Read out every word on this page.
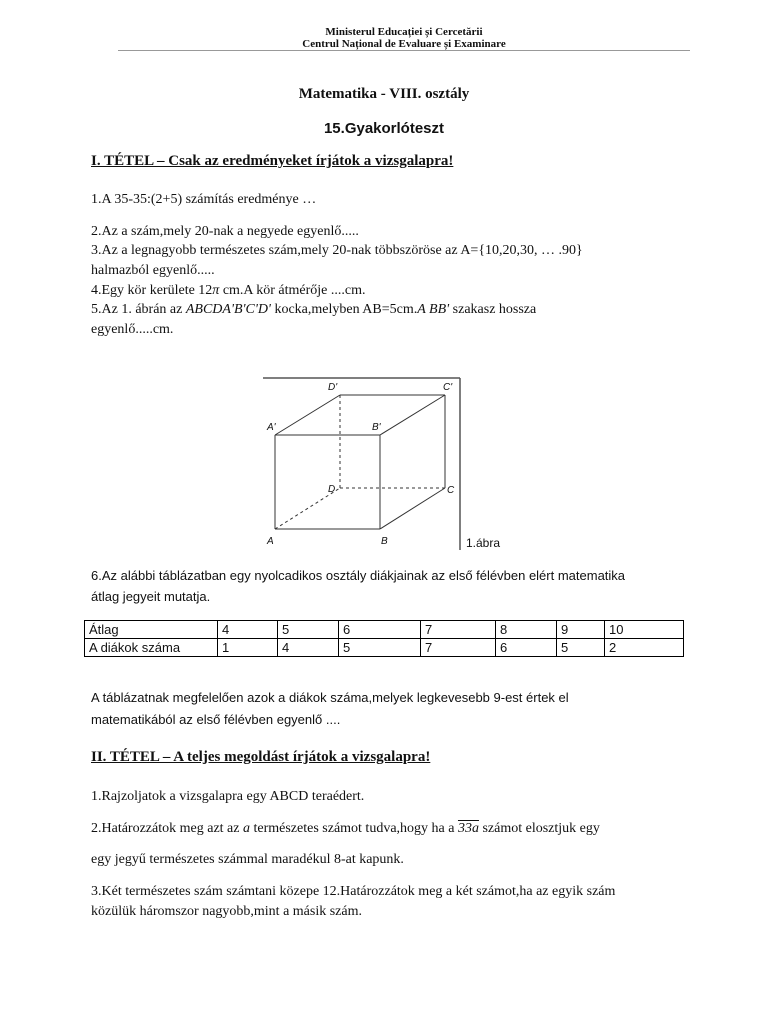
Ministerul Educației și Cercetării
Centrul Național de Evaluare și Examinare
Matematika - VIII. osztály
15.Gyakorlóteszt
I. TÉTEL – Csak az eredményeket írjátok a vizsgalapra!
1.A 35-35:(2+5) számítás eredménye …
2.Az a szám,mely 20-nak a negyede egyenlő.....
3.Az a legnagyobb természetes szám,mely 20-nak többszöröse az A={10,20,30, … .90}
halmazból egyenlő.....
4.Egy kör kerülete 12π cm.A kör átmérője ....cm.
5.Az 1. ábrán az ABCDA'B'C'D' kocka,melyben AB=5cm.A BB' szakasz hossza
egyenlő.....cm.
A	B
C
D
A'	B'
C'
D'
1.ábra
6.Az alábbi táblázatban egy nyolcadikos osztály diákjainak az első félévben elért matematika
átlag jegyeit mutatja.
Átlag	4	5	6	7	8	9	10
A diákok száma	1	4	5	7	6	5	2
A táblázatnak megfelelően azok a diákok száma,melyek legkevesebb 9-est értek el
matematikából az első félévben egyenlő ....
II. TÉTEL – A teljes megoldást írjátok a vizsgalapra!
1.Rajzoljatok a vizsgalapra egy ABCD teraédert.
2.Határozzátok meg azt az a természetes számot tudva,hogy ha a 33a számot elosztjuk egy
egy jegyű természetes számmal maradékul 8-at kapunk.
3.Két természetes szám számtani közepe 12.Határozzátok meg a két számot,ha az egyik szám
közülük háromszor nagyobb,mint a másik szám.
